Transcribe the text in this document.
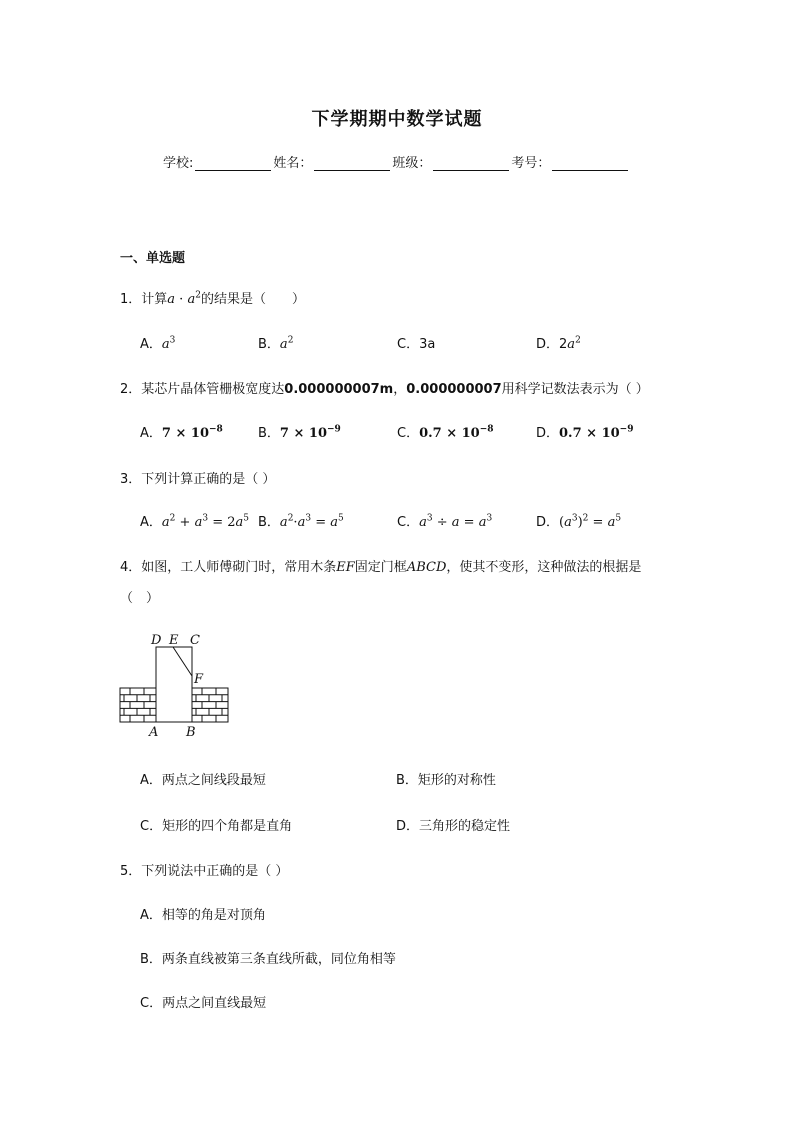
下学期期中数学试题
学校:	姓名：	班级：	考号：
一、单选题
1．计算$a \cdot a^2$的结果是（　　）
A．$a^3$	B．$a^2$	C．3a	D．$2a^2$
2．某芯片晶体管栅极宽度达0.000000007m，0.000000007用科学记数法表示为（ ）
A．$7 \times 10^{-8}$	B．$7 \times 10^{-9}$	C．$0.7 \times 10^{-8}$	D．$0.7 \times 10^{-9}$
3．下列计算正确的是（ ）
A．$a^2 + a^3 = 2a^5$ B．$a^2\cdot a^3 = a^5$	C．$a^3 \div a = a^3$	D．$(a^3)^2 = a^5$
4．如图，工人师傅砌门时，常用木条EF固定门框ABCD，使其不变形，这种做法的根据是
（　）
D E C
F
A B
A．两点之间线段最短	B．矩形的对称性
C．矩形的四个角都是直角	D．三角形的稳定性
5．下列说法中正确的是（ ）
A．相等的角是对顶角
B．两条直线被第三条直线所截，同位角相等
C．两点之间直线最短
